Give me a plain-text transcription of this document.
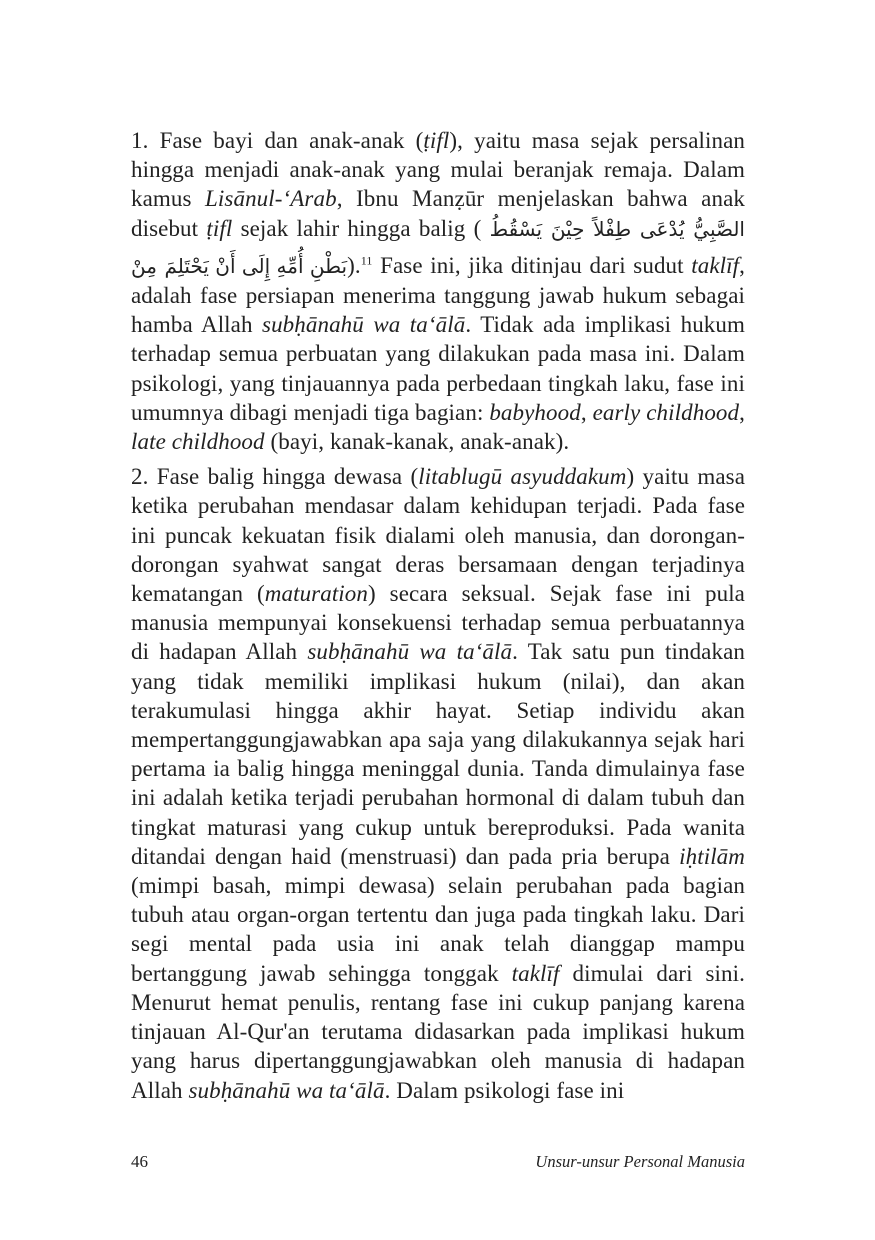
1. Fase bayi dan anak-anak (ṭifl), yaitu masa sejak persalinan hingga menjadi anak-anak yang mulai beranjak remaja. Dalam kamus Lisānul-‘Arab, Ibnu Manẓūr menjelaskan bahwa anak disebut ṭifl sejak lahir hingga balig ( الصَّبِيُّ يُدْعَى طِفْلاً حِيْنَ يَسْقُطُ مِنْ بَطْنِ أُمِّهِ إِلَى أَنْ يَحْتَلِمَ).$^{11}$ Fase ini, jika ditinjau dari sudut taklīf, adalah fase persiapan menerima tanggung jawab hukum sebagai hamba Allah subḥānahū wa ta‘ālā. Tidak ada implikasi hukum terhadap semua perbuatan yang dilakukan pada masa ini. Dalam psikologi, yang tinjauannya pada perbedaan tingkah laku, fase ini umumnya dibagi menjadi tiga bagian: babyhood, early childhood, late childhood (bayi, kanak-kanak, anak-anak).

2. Fase balig hingga dewasa (litablugū asyuddakum) yaitu masa ketika perubahan mendasar dalam kehidupan terjadi. Pada fase ini puncak kekuatan fisik dialami oleh manusia, dan dorongan-dorongan syahwat sangat deras bersamaan dengan terjadinya kematangan (maturation) secara seksual. Sejak fase ini pula manusia mempunyai konsekuensi terhadap semua perbuatannya di hadapan Allah subḥānahū wa ta‘ālā. Tak satu pun tindakan yang tidak memiliki implikasi hukum (nilai), dan akan terakumulasi hingga akhir hayat. Setiap individu akan mempertanggungjawabkan apa saja yang dilakukannya sejak hari pertama ia balig hingga meninggal dunia. Tanda dimulainya fase ini adalah ketika terjadi perubahan hormonal di dalam tubuh dan tingkat maturasi yang cukup untuk bereproduksi. Pada wanita ditandai dengan haid (menstruasi) dan pada pria berupa iḥtilām (mimpi basah, mimpi dewasa) selain perubahan pada bagian tubuh atau organ-organ tertentu dan juga pada tingkah laku. Dari segi mental pada usia ini anak telah dianggap mampu bertanggung jawab sehingga tonggak taklīf dimulai dari sini. Menurut hemat penulis, rentang fase ini cukup panjang karena tinjauan Al-Qur'an terutama didasarkan pada implikasi hukum yang harus dipertanggungjawabkan oleh manusia di hadapan Allah subḥānahū wa ta‘ālā. Dalam psikologi fase ini

46	Unsur-unsur Personal Manusia
